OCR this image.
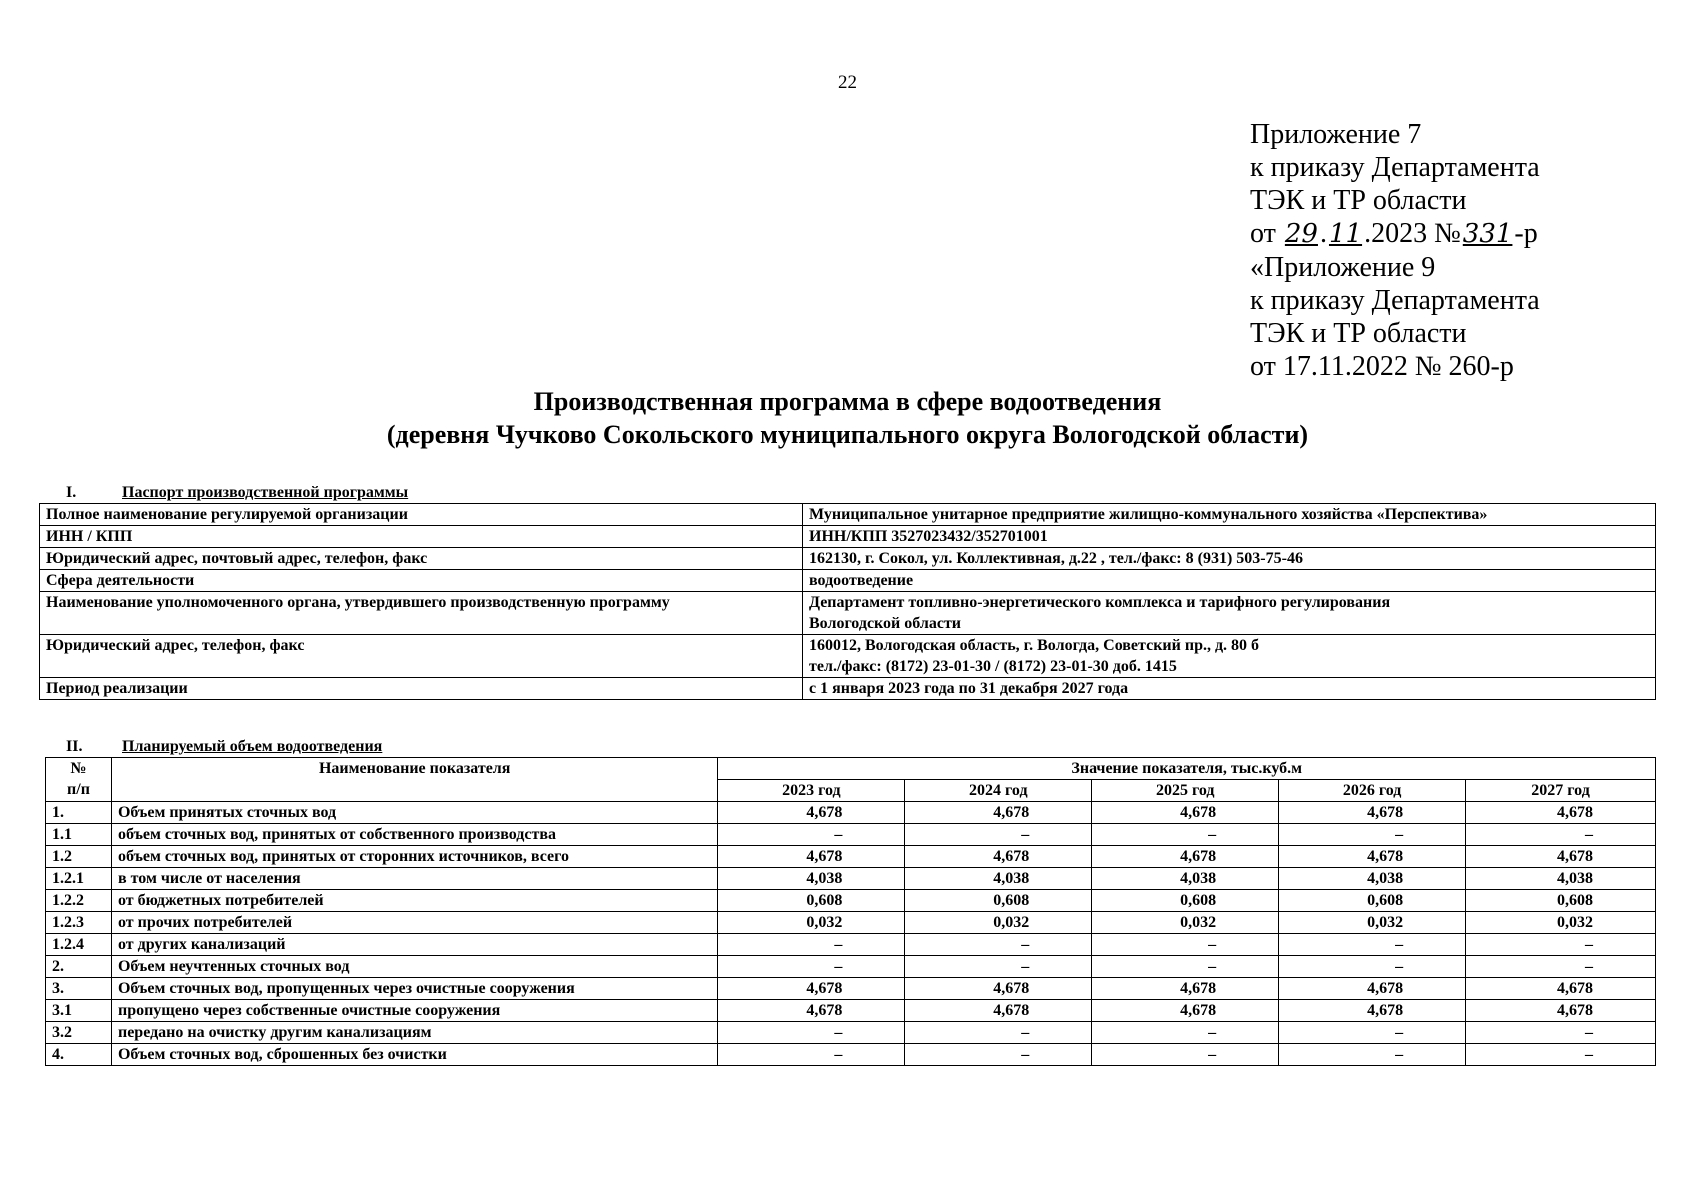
22
Приложение 7
к приказу Департамента
ТЭК и ТР области
от 29.11.2023 №331-р
«Приложение 9
к приказу Департамента
ТЭК и ТР области
от 17.11.2022 № 260-р
Производственная программа в сфере водоотведения
(деревня Чучково Сокольского муниципального округа Вологодской области)
I.	Паспорт производственной программы
Полное наименование регулируемой организации	Муниципальное унитарное предприятие жилищно-коммунального хозяйства «Перспектива»

ИНН / КПП	ИНН/КПП 3527023432/352701001

Юридический адрес, почтовый адрес, телефон, факс	162130, г. Сокол, ул. Коллективная, д.22 , тел./факс: 8 (931) 503-75-46

Сфера деятельности	водоотведение

Наименование уполномоченного органа, утвердившего производственную программу	Департамент топливно-энергетического комплекса и тарифного регулирования
Вологодской области

Юридический адрес, телефон, факс	160012, Вологодская область, г. Вологда, Советский пр., д. 80 б
тел./факс: (8172) 23-01-30 / (8172) 23-01-30 доб. 1415

Период реализации	с 1 января 2023 года по 31 декабря 2027 года
II. Планируемый объем водоотведения
№
п/п	Наименование показателя	Значение показателя, тыс.куб.м				
		2023 год	2024 год	2025 год	2026 год	2027 год
1.	Объем принятых сточных вод	4,678	4,678	4,678	4,678	4,678
1.1	объем сточных вод, принятых от собственного производства	–	–	–	–	–
1.2	объем сточных вод, принятых от сторонних источников, всего	4,678	4,678	4,678	4,678	4,678
1.2.1	в том числе от населения	4,038	4,038	4,038	4,038	4,038
1.2.2	от бюджетных потребителей	0,608	0,608	0,608	0,608	0,608
1.2.3	от прочих потребителей	0,032	0,032	0,032	0,032	0,032
1.2.4	от других канализаций	–	–	–	–	–
2.	Объем неучтенных сточных вод	–	–	–	–	–
3.	Объем сточных вод, пропущенных через очистные сооружения	4,678	4,678	4,678	4,678	4,678
3.1	пропущено через собственные очистные сооружения	4,678	4,678	4,678	4,678	4,678
3.2	передано на очистку другим канализациям	–	–	–	–	–
4.	Объем сточных вод, сброшенных без очистки	–	–	–	–	–
